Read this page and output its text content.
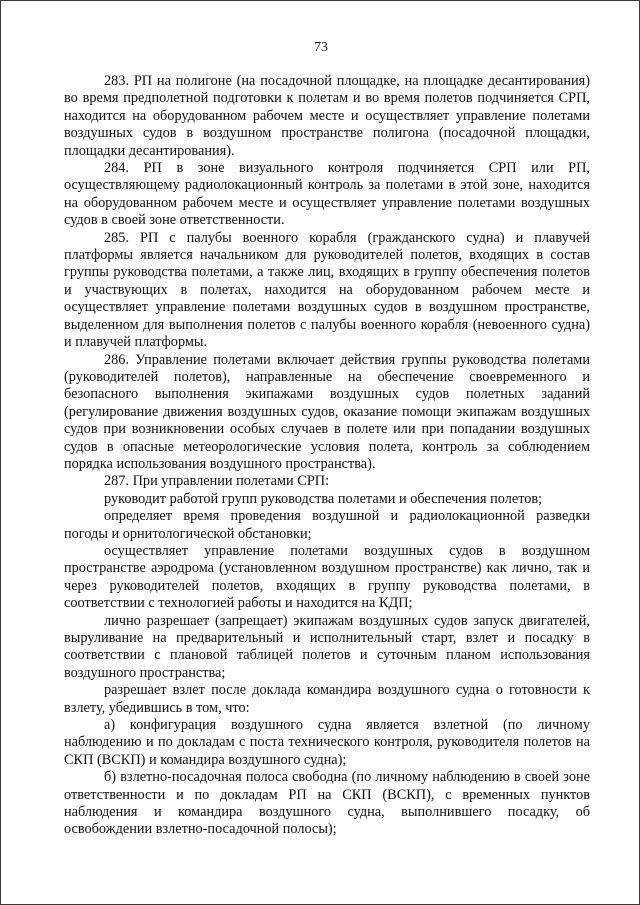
73

283. РП на полигоне (на посадочной площадке, на площадке десантирования) во время предполетной подготовки к полетам и во время полетов подчиняется СРП, находится на оборудованном рабочем месте и осуществляет управление полетами воздушных судов в воздушном пространстве полигона (посадочной площадки, площадки десантирования).

284. РП в зоне визуального контроля подчиняется СРП или РП, осуществляющему радиолокационный контроль за полетами в этой зоне, находится на оборудованном рабочем месте и осуществляет управление полетами воздушных судов в своей зоне ответственности.

285. РП с палубы военного корабля (гражданского судна) и плавучей платформы является начальником для руководителей полетов, входящих в состав группы руководства полетами, а также лиц, входящих в группу обеспечения полетов и участвующих в полетах, находится на оборудованном рабочем месте и осуществляет управление полетами воздушных судов в воздушном пространстве, выделенном для выполнения полетов с палубы военного корабля (невоенного судна) и плавучей платформы.

286. Управление полетами включает действия группы руководства полетами (руководителей полетов), направленные на обеспечение своевременного и безопасного выполнения экипажами воздушных судов полетных заданий (регулирование движения воздушных судов, оказание помощи экипажам воздушных судов при возникновении особых случаев в полете или при попадании воздушных судов в опасные метеорологические условия полета, контроль за соблюдением порядка использования воздушного пространства).

287. При управлении полетами СРП:

руководит работой групп руководства полетами и обеспечения полетов;

определяет время проведения воздушной и радиолокационной разведки погоды и орнитологической обстановки;

осуществляет управление полетами воздушных судов в воздушном пространстве аэродрома (установленном воздушном пространстве) как лично, так и через руководителей полетов, входящих в группу руководства полетами, в соответствии с технологией работы и находится на КДП;

лично разрешает (запрещает) экипажам воздушных судов запуск двигателей, выруливание на предварительный и исполнительный старт, взлет и посадку в соответствии с плановой таблицей полетов и суточным планом использования воздушного пространства;

разрешает взлет после доклада командира воздушного судна о готовности к взлету, убедившись в том, что:

а) конфигурация воздушного судна является взлетной (по личному наблюдению и по докладам с поста технического контроля, руководителя полетов на СКП (ВСКП) и командира воздушного судна);

б) взлетно-посадочная полоса свободна (по личному наблюдению в своей зоне ответственности и по докладам РП на СКП (ВСКП), с временных пунктов наблюдения и командира воздушного судна, выполнившего посадку, об освобождении взлетно-посадочной полосы);
